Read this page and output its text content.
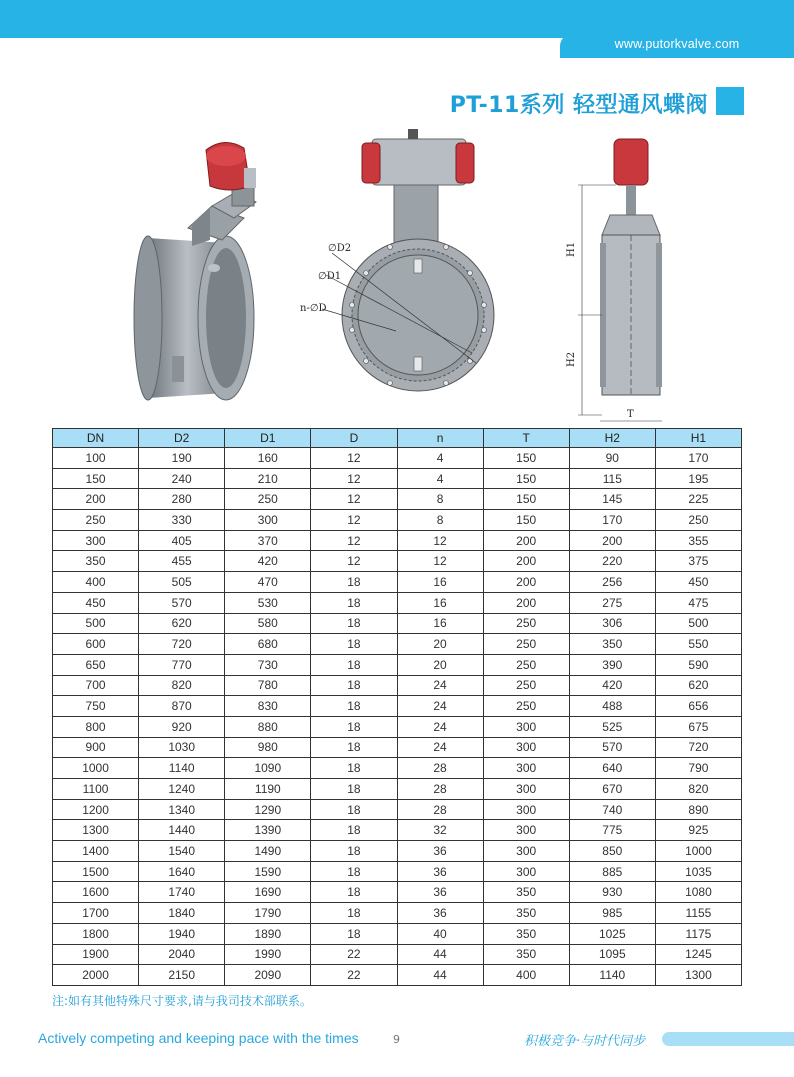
www.putorkvalve.com
PT-11系列 轻型通风蝶阀
∅D2
∅D1
n-∅D
H1
H2
T
DN	D2	D1	D	n	T	H2	H1
100	190	160	12	4	150	90	170
150	240	210	12	4	150	115	195
200	280	250	12	8	150	145	225
250	330	300	12	8	150	170	250
300	405	370	12	12	200	200	355
350	455	420	12	12	200	220	375
400	505	470	18	16	200	256	450
450	570	530	18	16	200	275	475
500	620	580	18	16	250	306	500
600	720	680	18	20	250	350	550
650	770	730	18	20	250	390	590
700	820	780	18	24	250	420	620
750	870	830	18	24	250	488	656
800	920	880	18	24	300	525	675
900	1030	980	18	24	300	570	720
1000	1140	1090	18	28	300	640	790
1100	1240	1190	18	28	300	670	820
1200	1340	1290	18	28	300	740	890
1300	1440	1390	18	32	300	775	925
1400	1540	1490	18	36	300	850	1000
1500	1640	1590	18	36	300	885	1035
1600	1740	1690	18	36	350	930	1080
1700	1840	1790	18	36	350	985	1155
1800	1940	1890	18	40	350	1025	1175
1900	2040	1990	22	44	350	1095	1245
2000	2150	2090	22	44	400	1140	1300
注:如有其他特殊尺寸要求,请与我司技术部联系。
Actively competing and keeping pace with the times	9	积极竞争·与时代同步
